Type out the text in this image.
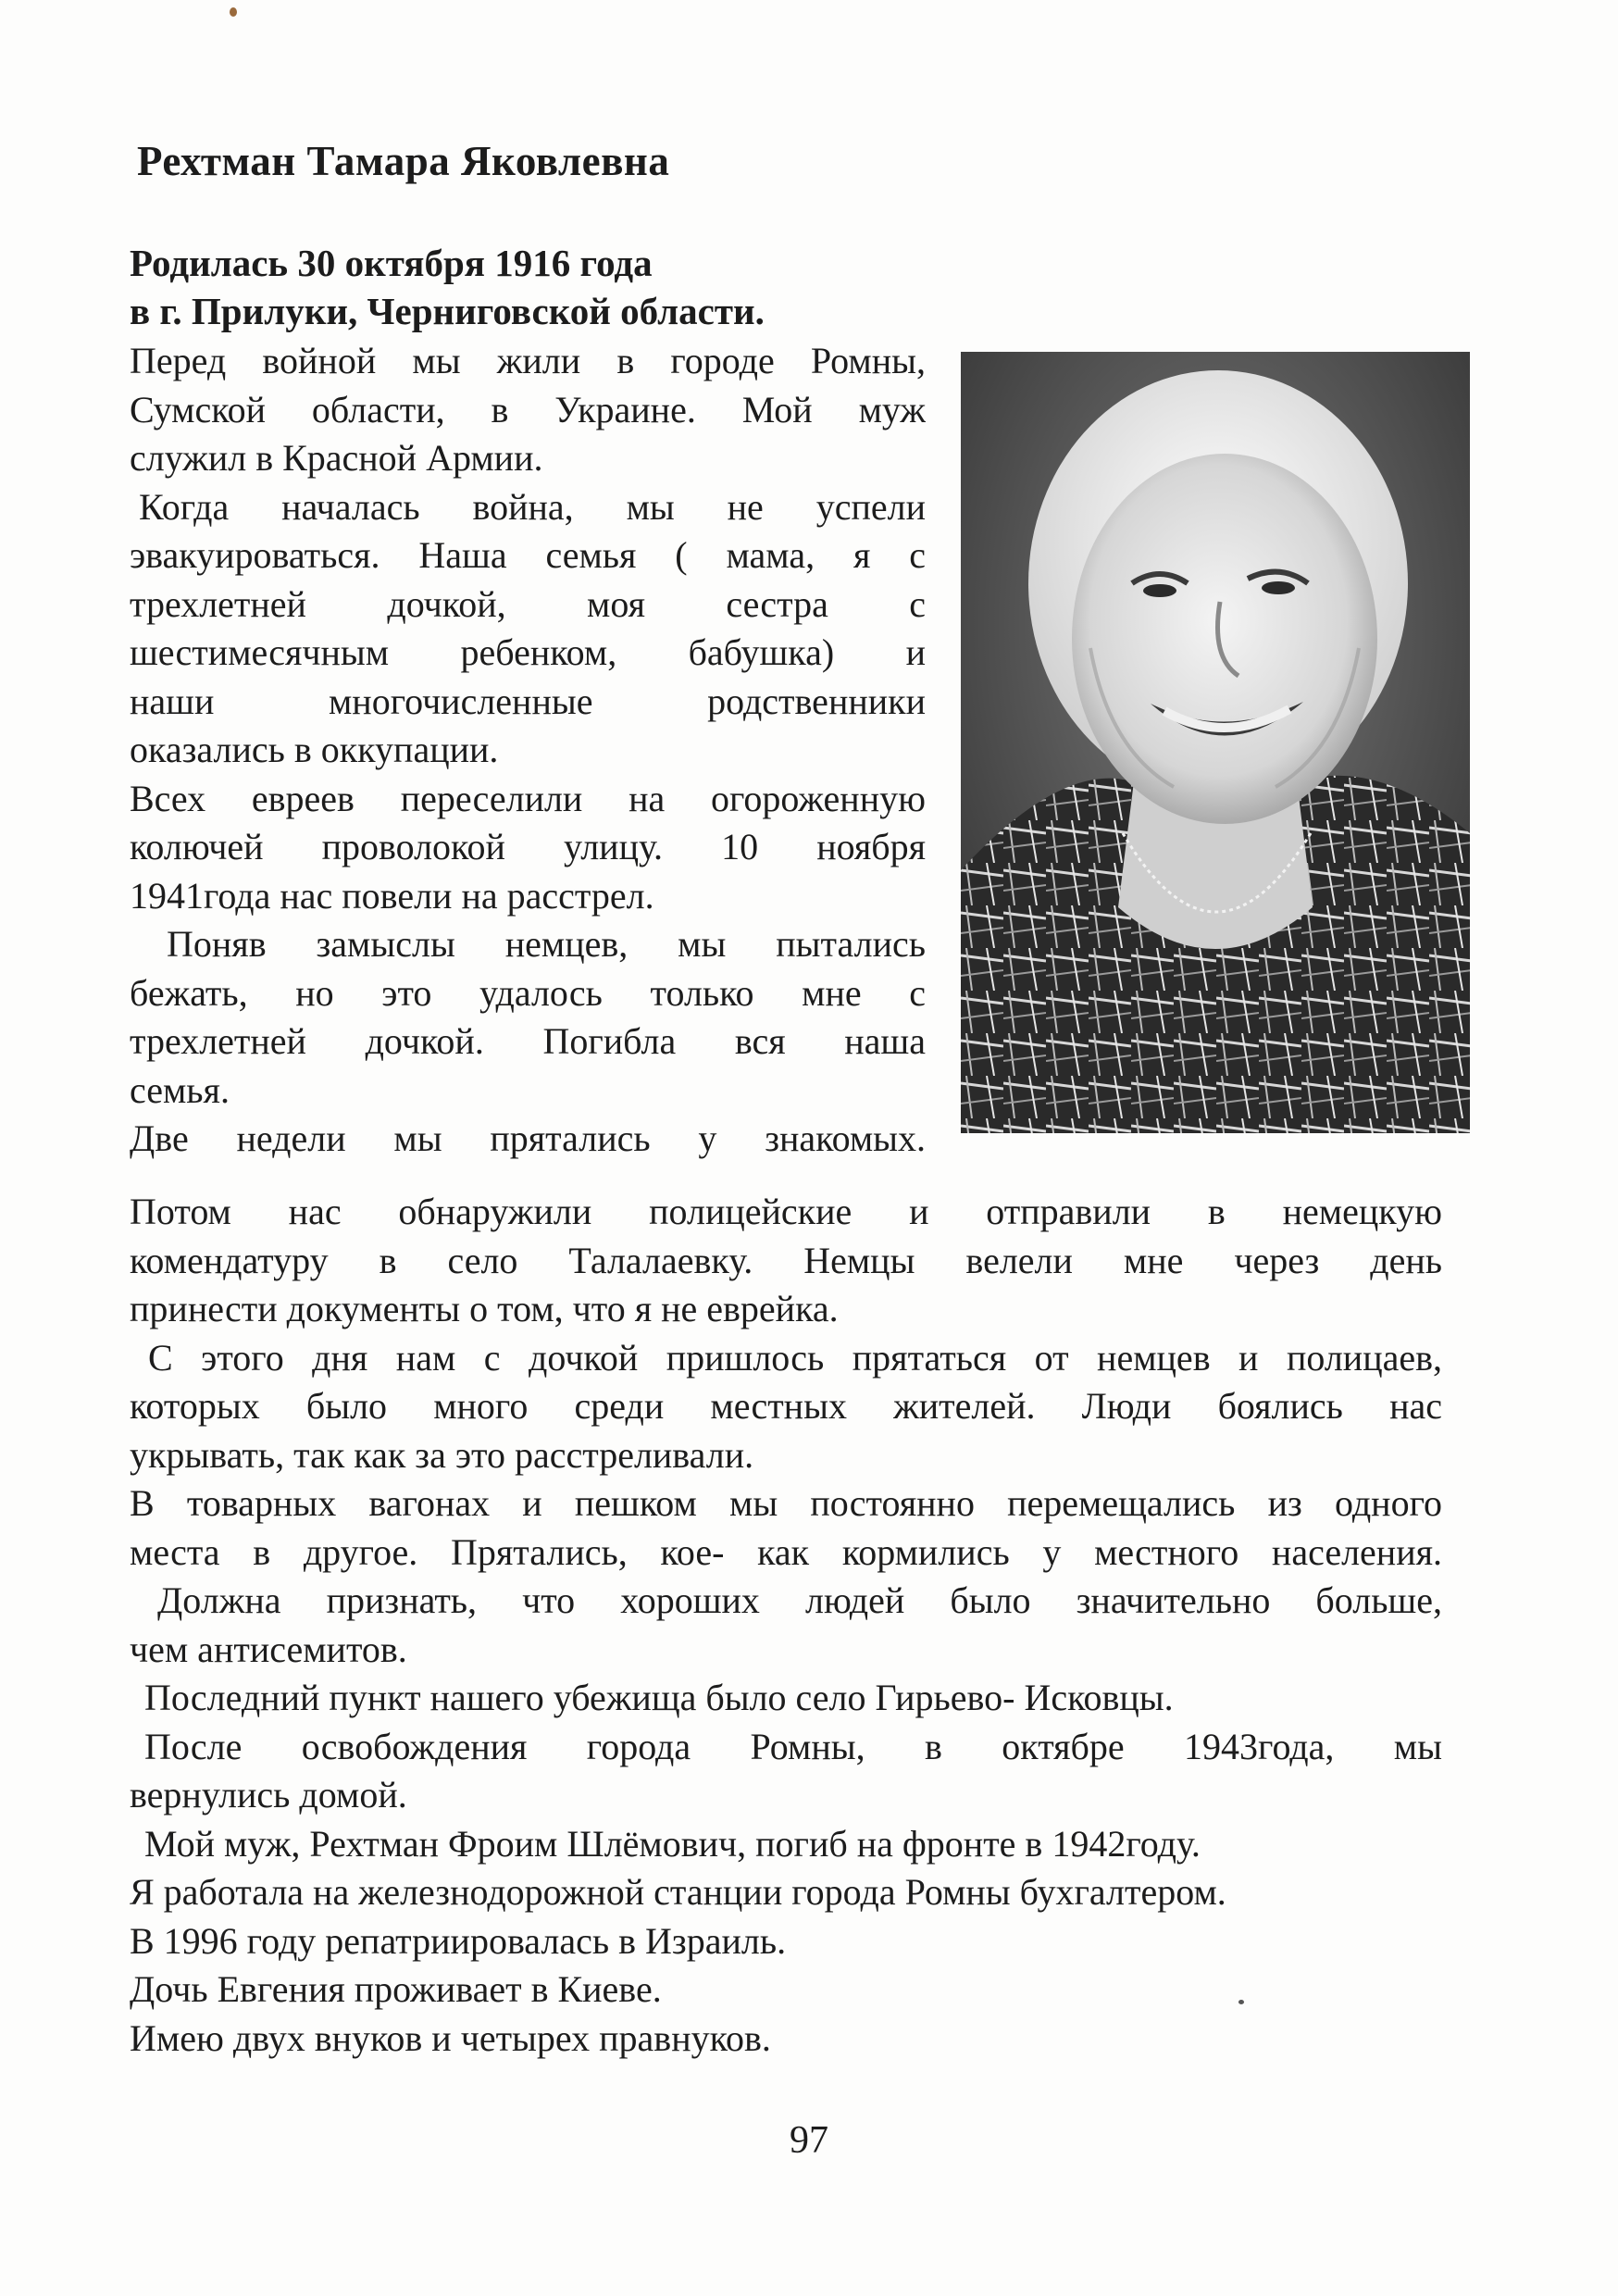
Рехтман Тамара Яковлевна
Родилась 30 октября 1916 года
в г. Прилуки, Черниговской области.
Перед войной мы жили в городе Ромны,
Сумской области, в Украине. Мой муж
служил в Красной Армии.
Когда началась война, мы не успели
эвакуироваться. Наша семья ( мама, я с
трехлетней дочкой, моя сестра с
шестимесячным ребенком, бабушка) и
наши многочисленные родственники
оказались в оккупации.
Всех евреев переселили на огороженную
колючей проволокой улицу. 10 ноября
1941года нас повели на расстрел.
Поняв замыслы немцев, мы пытались
бежать, но это удалось только мне с
трехлетней дочкой. Погибла вся наша
семья.
Две недели мы прятались у знакомых.
Потом нас обнаружили полицейские и отправили в немецкую
комендатуру в село Талалаевку. Немцы велели мне через день
принести документы о том, что я не еврейка.
С этого дня нам с дочкой пришлось прятаться от немцев и полицаев,
которых было много среди местных жителей. Люди боялись нас
укрывать, так как за это расстреливали.
В товарных вагонах и пешком мы постоянно перемещались из одного
места в другое. Прятались, кое- как кормились у местного населения.
Должна признать, что хороших людей было значительно больше,
чем антисемитов.
Последний пункт нашего убежища было село Гирьево- Исковцы.
После освобождения города Ромны, в октябре 1943года, мы
вернулись домой.
Мой муж, Рехтман Фроим Шлёмович, погиб на фронте в 1942году.
Я работала на железнодорожной станции города Ромны бухгалтером.
В 1996 году репатриировалась в Израиль.
Дочь Евгения проживает в Киеве.
Имею двух внуков и четырех правнуков.
97
